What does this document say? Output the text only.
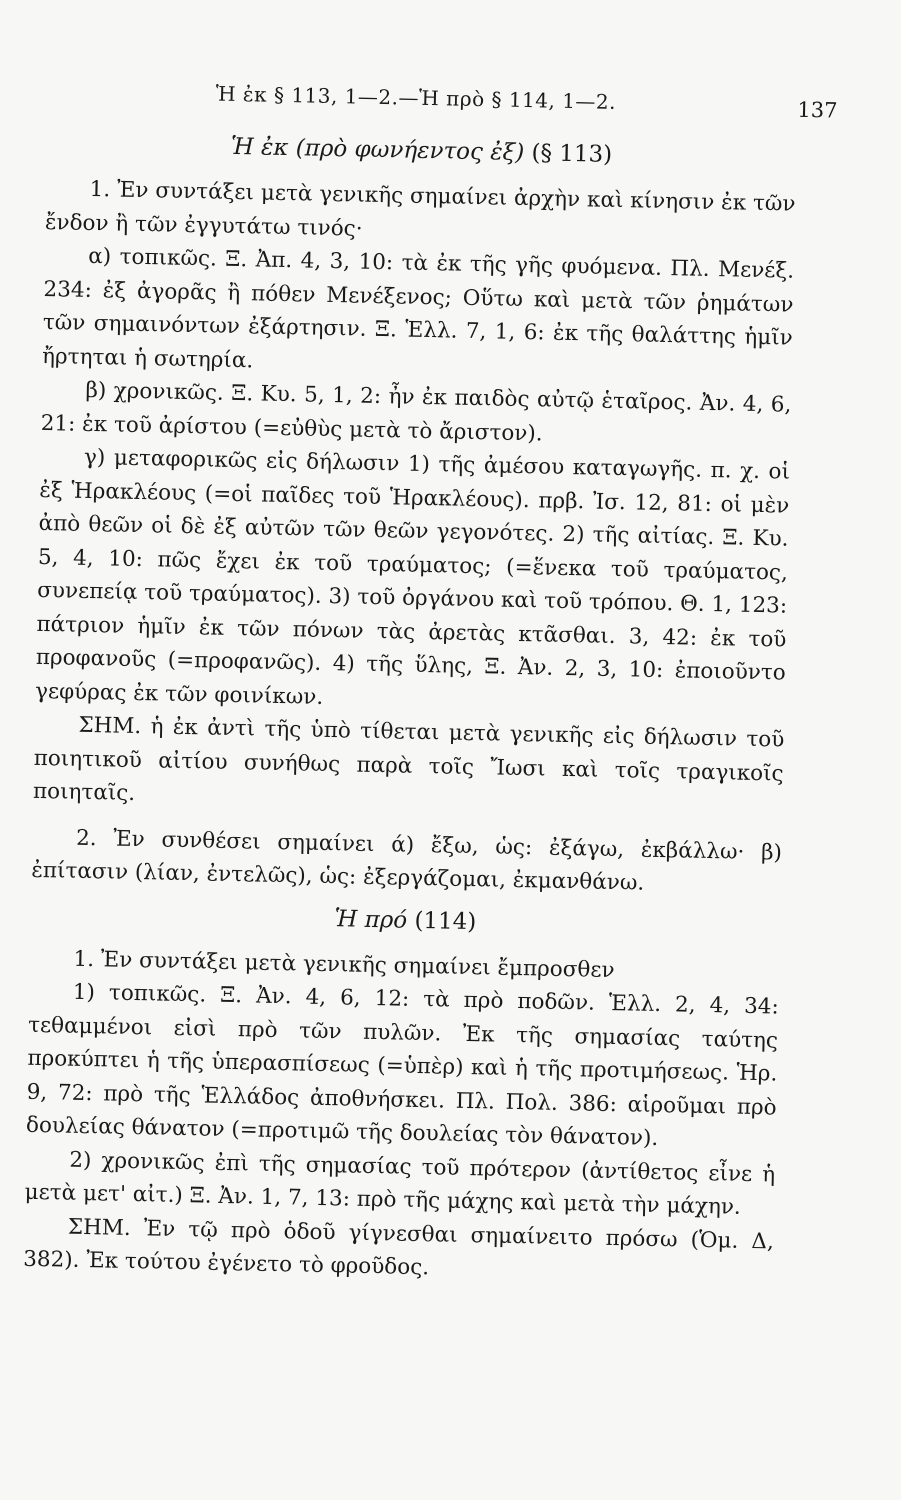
Ἡ ἐκ § 113, 1—2.—Ἡ πρὸ § 114, 1—2.	137
Ἡ ἐκ (πρὸ φωνήεντος ἐξ) (§ 113)

1. Ἐν συντάξει μετὰ γενικῆς σημαίνει ἀρχὴν καὶ κίνησιν ἐκ τῶν ἔνδον ἢ τῶν ἐγγυτάτω τινός·

α) τοπικῶς. Ξ. Ἀπ. 4, 3, 10: τὰ ἐκ τῆς γῆς φυόμενα. Πλ. Μενέξ. 234: ἐξ ἀγορᾶς ἢ πόθεν Μενέξενος; Οὕτω καὶ μετὰ τῶν ῥημάτων τῶν σημαινόντων ἐξάρτησιν. Ξ. Ἑλλ. 7, 1, 6: ἐκ τῆς θαλάττης ἡμῖν ἤρτηται ἡ σωτηρία.

β) χρονικῶς. Ξ. Κυ. 5, 1, 2: ἦν ἐκ παιδὸς αὐτῷ ἑταῖρος. Ἀν. 4, 6, 21: ἐκ τοῦ ἀρίστου (=εὐθὺς μετὰ τὸ ἄριστον).

γ) μεταφορικῶς εἰς δήλωσιν 1) τῆς ἀμέσου καταγωγῆς. π. χ. οἱ ἐξ Ἡρακλέους (=οἱ παῖδες τοῦ Ἡρακλέους). πρβ. Ἰσ. 12, 81: οἱ μὲν ἀπὸ θεῶν οἱ δὲ ἐξ αὐτῶν τῶν θεῶν γεγονότες. 2) τῆς αἰτίας. Ξ. Κυ. 5, 4, 10: πῶς ἔχει ἐκ τοῦ τραύματος; (=ἕνεκα τοῦ τραύματος, συνεπείᾳ τοῦ τραύματος). 3) τοῦ ὀργάνου καὶ τοῦ τρόπου. Θ. 1, 123: πάτριον ἡμῖν ἐκ τῶν πόνων τὰς ἀρετὰς κτᾶσθαι. 3, 42: ἐκ τοῦ προφανοῦς (=προφανῶς). 4) τῆς ὕλης, Ξ. Ἀν. 2, 3, 10: ἐποιοῦντο γεφύρας ἐκ τῶν φοινίκων.

ΣΗΜ. ἡ ἐκ ἀντὶ τῆς ὑπὸ τίθεται μετὰ γενικῆς εἰς δήλωσιν τοῦ ποιητικοῦ αἰτίου συνήθως παρὰ τοῖς Ἴωσι καὶ τοῖς τραγικοῖς ποιηταῖς.

2. Ἐν συνθέσει σημαίνει ά) ἔξω, ὡς: ἐξάγω, ἐκβάλλω· β) ἐπίτασιν (λίαν, ἐντελῶς), ὡς: ἐξεργάζομαι, ἐκμανθάνω.

Ἡ πρό (114)

1. Ἐν συντάξει μετὰ γενικῆς σημαίνει ἔμπροσθεν

1) τοπικῶς. Ξ. Ἀν. 4, 6, 12: τὰ πρὸ ποδῶν. Ἑλλ. 2, 4, 34: τεθαμμένοι εἰσὶ πρὸ τῶν πυλῶν. Ἐκ τῆς σημασίας ταύτης προκύπτει ἡ τῆς ὑπερασπίσεως (=ὑπὲρ) καὶ ἡ τῆς προτιμήσεως. Ἡρ. 9, 72: πρὸ τῆς Ἑλλάδος ἀποθνήσκει. Πλ. Πολ. 386: αἱροῦμαι πρὸ δουλείας θάνατον (=προτιμῶ τῆς δουλείας τὸν θάνατον).

2) χρονικῶς ἐπὶ τῆς σημασίας τοῦ πρότερον (ἀντίθετος εἶνε ἡ μετὰ μετ' αἰτ.) Ξ. Ἀν. 1, 7, 13: πρὸ τῆς μάχης καὶ μετὰ τὴν μάχην.

ΣΗΜ. Ἐν τῷ πρὸ ὁδοῦ γίγνεσθαι σημαίνειτο πρόσω (Ὁμ. Δ, 382). Ἐκ τούτου ἐγένετο τὸ φροῦδος.
